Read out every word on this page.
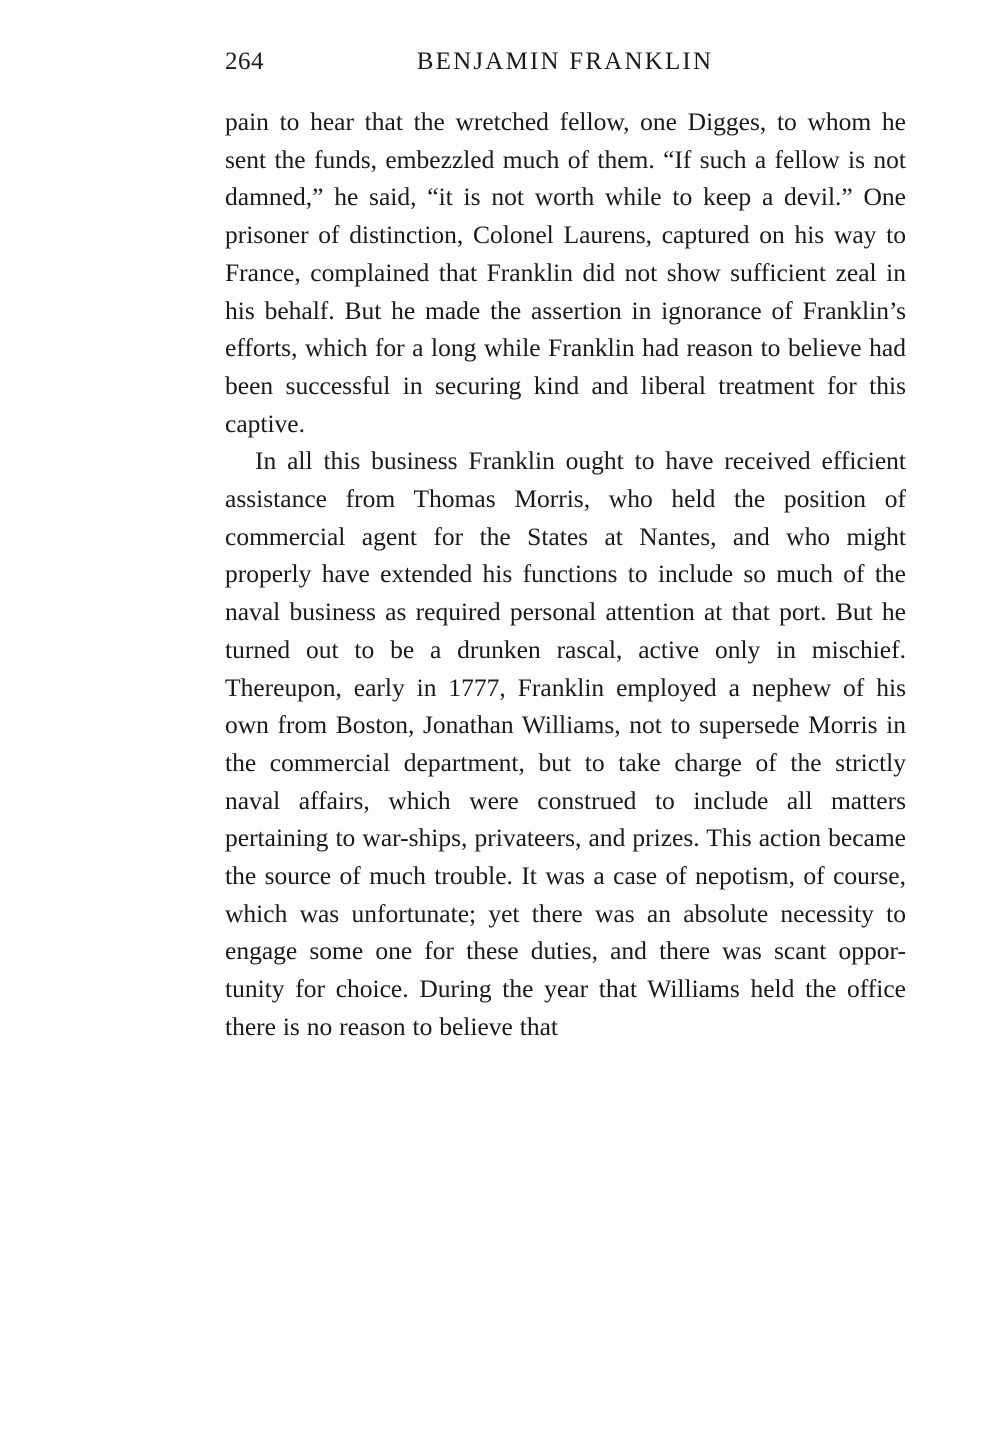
264	BENJAMIN FRANKLIN

pain to hear that the wretched fellow, one Digges, to whom he sent the funds, embezzled much of them. “If such a fellow is not damned,” he said, “it is not worth while to keep a devil.” One prisoner of distinction, Colonel Laurens, captured on his way to France, complained that Franklin did not show sufficient zeal in his behalf. But he made the assertion in ignorance of Franklin’s efforts, which for a long while Franklin had reason to believe had been successful in securing kind and liberal treatment for this captive.

In all this business Franklin ought to have received efficient assistance from Thomas Morris, who held the position of commercial agent for the States at Nantes, and who might properly have extended his functions to include so much of the naval business as required personal attention at that port. But he turned out to be a drunken rascal, active only in mischief. Thereupon, early in 1777, Franklin employed a nephew of his own from Boston, Jonathan Williams, not to supersede Morris in the commercial department, but to take charge of the strictly naval affairs, which were construed to include all matters pertaining to war-ships, privateers, and prizes. This action became the source of much trouble. It was a case of nepotism, of course, which was unfortunate; yet there was an absolute necessity to engage some one for these duties, and there was scant oppor-tunity for choice. During the year that Williams held the office there is no reason to believe that
